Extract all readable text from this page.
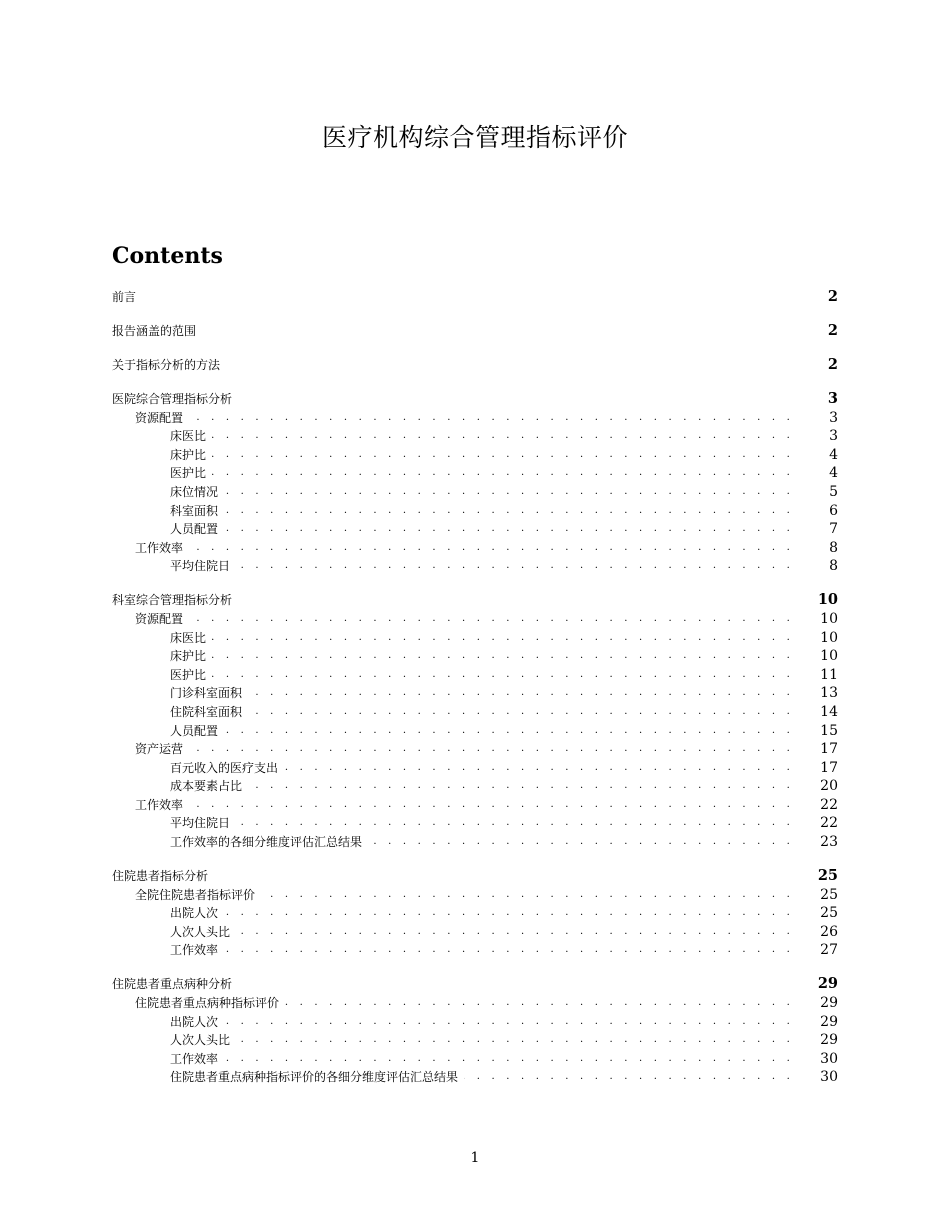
医疗机构综合管理指标评价
Contents
前言	2
报告涵盖的范围	2
关于指标分析的方法	2
医院综合管理指标分析	3
资源配置 . . .	3
床医比 . . .	3
床护比 . . .	4
医护比 . . .	4
床位情况 . . .	5
科室面积 . . .	6
人员配置 . . .	7
工作效率 . . .	8
平均住院日 . . .	8
科室综合管理指标分析	10
资源配置 . . .	10
床医比 . . .	10
床护比 . . .	10
医护比 . . .	11
门诊科室面积 . . .	13
住院科室面积 . . .	14
人员配置 . . .	15
资产运营 . . .	17
百元收入的医疗支出 . . .	17
成本要素占比 . . .	20
工作效率 . . .	22
平均住院日 . . .	22
工作效率的各细分维度评估汇总结果 . . .	23
住院患者指标分析	25
全院住院患者指标评价 . . .	25
出院人次 . . .	25
人次人头比 . . .	26
工作效率 . . .	27
住院患者重点病种分析	29
住院患者重点病种指标评价 . . .	29
出院人次 . . .	29
人次人头比 . . .	29
工作效率 . . .	30
住院患者重点病种指标评价的各细分维度评估汇总结果 . . .	30
1
